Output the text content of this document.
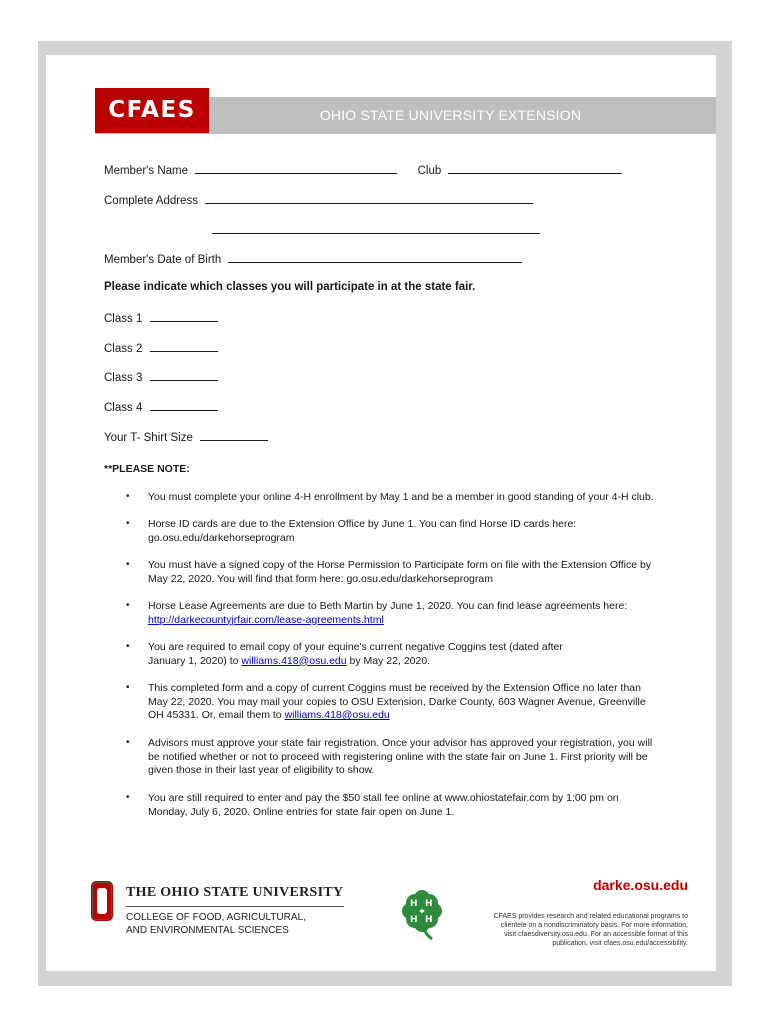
OHIO STATE UNIVERSITY EXTENSION
CFAES
Member's Name	Club
Complete Address
Member's Date of Birth
Please indicate which classes you will participate in at the state fair.
Class 1
Class 2
Class 3
Class 4
Your T- Shirt Size
**PLEASE NOTE:
• You must complete your online 4-H enrollment by May 1 and be a member in good standing of your 4-H club.
• Horse ID cards are due to the Extension Office by June 1. You can find Horse ID cards here:
go.osu.edu/darkehorseprogram
• You must have a signed copy of the Horse Permission to Participate form on file with the Extension Office by
May 22, 2020. You will find that form here: go.osu.edu/darkehorseprogram
• Horse Lease Agreements are due to Beth Martin by June 1, 2020. You can find lease agreements here:
http://darkecountyjrfair.com/lease-agreements.html
• You are required to email copy of your equine's current negative Coggins test (dated after
January 1, 2020) to williams.418@osu.edu by May 22, 2020.
• This completed form and a copy of current Coggins must be received by the Extension Office no later than
May 22, 2020. You may mail your copies to OSU Extension, Darke County, 603 Wagner Avenue, Greenville
OH 45331. Or, email them to williams.418@osu.edu
• Advisors must approve your state fair registration. Once your advisor has approved your registration, you will
be notified whether or not to proceed with registering online with the state fair on June 1. First priority will be
given those in their last year of eligibility to show.
• You are still required to enter and pay the $50 stall fee online at www.ohiostatefair.com by 1:00 pm on
Monday, July 6, 2020. Online entries for state fair open on June 1.
THE OHIO STATE UNIVERSITY
COLLEGE OF FOOD, AGRICULTURAL,
AND ENVIRONMENTAL SCIENCES
H H
H H
darke.osu.edu
CFAES provides research and related educational programs to
clientele on a nondiscriminatory basis. For more information,
visit cfaesdiversity.osu.edu. For an accessible format of this
publication, visit cfaes.osu.edu/accessibility.
